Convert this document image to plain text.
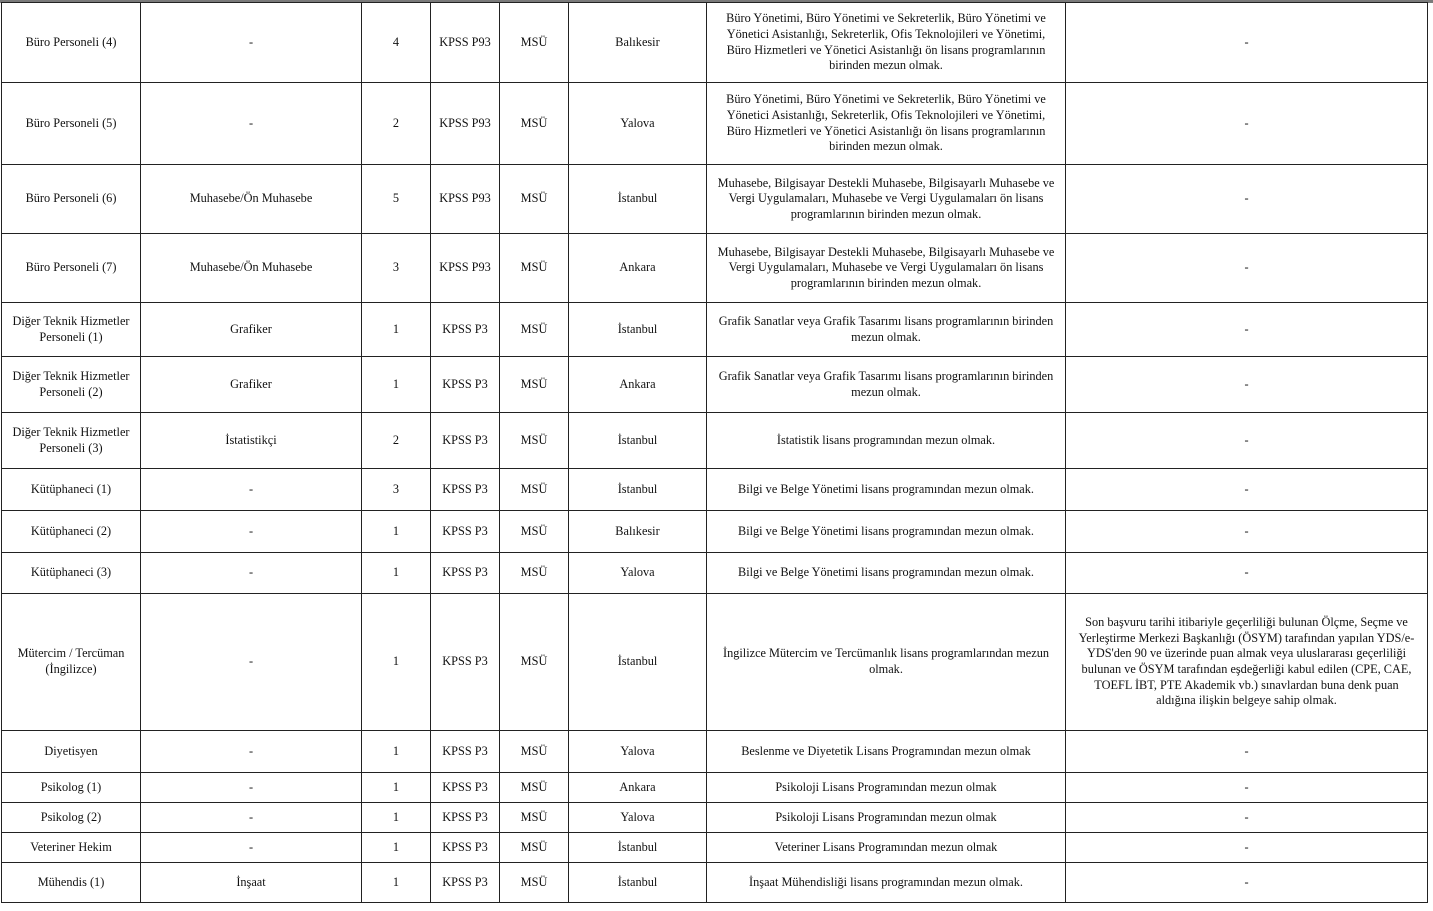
Büro Personeli (4)	-	4	KPSS P93	MSÜ	Balıkesir	Büro Yönetimi, Büro Yönetimi ve Sekreterlik, Büro Yönetimi ve Yönetici Asistanlığı, Sekreterlik, Ofis Teknolojileri ve Yönetimi, Büro Hizmetleri ve Yönetici Asistanlığı ön lisans programlarının birinden mezun olmak.	-
Büro Personeli (5)	-	2	KPSS P93	MSÜ	Yalova	Büro Yönetimi, Büro Yönetimi ve Sekreterlik, Büro Yönetimi ve Yönetici Asistanlığı, Sekreterlik, Ofis Teknolojileri ve Yönetimi, Büro Hizmetleri ve Yönetici Asistanlığı ön lisans programlarının birinden mezun olmak.	-
Büro Personeli (6)	Muhasebe/Ön Muhasebe	5	KPSS P93	MSÜ	İstanbul	Muhasebe, Bilgisayar Destekli Muhasebe, Bilgisayarlı Muhasebe ve Vergi Uygulamaları, Muhasebe ve Vergi Uygulamaları ön lisans programlarının birinden mezun olmak.	-
Büro Personeli (7)	Muhasebe/Ön Muhasebe	3	KPSS P93	MSÜ	Ankara	Muhasebe, Bilgisayar Destekli Muhasebe, Bilgisayarlı Muhasebe ve Vergi Uygulamaları, Muhasebe ve Vergi Uygulamaları ön lisans programlarının birinden mezun olmak.	-
Diğer Teknik Hizmetler Personeli (1)	Grafiker	1	KPSS P3	MSÜ	İstanbul	Grafik Sanatlar veya Grafik Tasarımı lisans programlarının birinden mezun olmak.	-
Diğer Teknik Hizmetler Personeli (2)	Grafiker	1	KPSS P3	MSÜ	Ankara	Grafik Sanatlar veya Grafik Tasarımı lisans programlarının birinden mezun olmak.	-
Diğer Teknik Hizmetler Personeli (3)	İstatistikçi	2	KPSS P3	MSÜ	İstanbul	İstatistik lisans programından mezun olmak.	-
Kütüphaneci (1)	-	3	KPSS P3	MSÜ	İstanbul	Bilgi ve Belge Yönetimi lisans programından mezun olmak.	-
Kütüphaneci (2)	-	1	KPSS P3	MSÜ	Balıkesir	Bilgi ve Belge Yönetimi lisans programından mezun olmak.	-
Kütüphaneci (3)	-	1	KPSS P3	MSÜ	Yalova	Bilgi ve Belge Yönetimi lisans programından mezun olmak.	-
Mütercim / Tercüman (İngilizce)	-	1	KPSS P3	MSÜ	İstanbul	İngilizce Mütercim ve Tercümanlık lisans programlarından mezun olmak.	Son başvuru tarihi itibariyle geçerliliği bulunan Ölçme, Seçme ve Yerleştirme Merkezi Başkanlığı (ÖSYM) tarafından yapılan YDS/e-YDS'den 90 ve üzerinde puan almak veya uluslararası geçerliliği bulunan ve ÖSYM tarafından eşdeğerliği kabul edilen (CPE, CAE, TOEFL İBT, PTE Akademik vb.) sınavlardan buna denk puan aldığına ilişkin belgeye sahip olmak.
Diyetisyen	-	1	KPSS P3	MSÜ	Yalova	Beslenme ve Diyetetik Lisans Programından mezun olmak	-
Psikolog (1)	-	1	KPSS P3	MSÜ	Ankara	Psikoloji Lisans Programından mezun olmak	-
Psikolog (2)	-	1	KPSS P3	MSÜ	Yalova	Psikoloji Lisans Programından mezun olmak	-
Veteriner Hekim	-	1	KPSS P3	MSÜ	İstanbul	Veteriner Lisans Programından mezun olmak	-
Mühendis (1)	İnşaat	1	KPSS P3	MSÜ	İstanbul	İnşaat Mühendisliği lisans programından mezun olmak.	-
